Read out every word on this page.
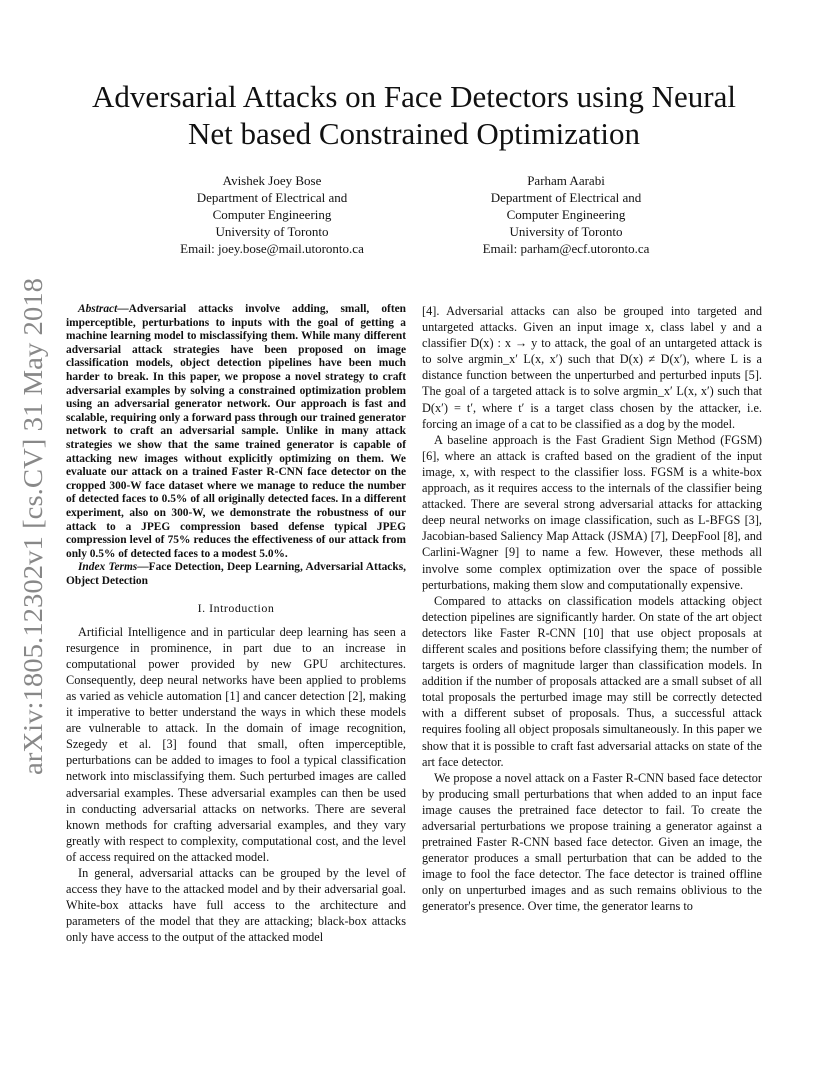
arXiv:1805.12302v1 [cs.CV] 31 May 2018
Adversarial Attacks on Face Detectors using Neural
Net based Constrained Optimization
Avishek Joey Bose
Department of Electrical and
Computer Engineering
University of Toronto
Email: joey.bose@mail.utoronto.ca
Parham Aarabi
Department of Electrical and
Computer Engineering
University of Toronto
Email: parham@ecf.utoronto.ca

Abstract—Adversarial attacks involve adding, small, often imperceptible, perturbations to inputs with the goal of getting a machine learning model to misclassifying them. While many different adversarial attack strategies have been proposed on image classification models, object detection pipelines have been much harder to break. In this paper, we propose a novel strategy to craft adversarial examples by solving a constrained optimization problem using an adversarial generator network. Our approach is fast and scalable, requiring only a forward pass through our trained generator network to craft an adversarial sample. Unlike in many attack strategies we show that the same trained generator is capable of attacking new images without explicitly optimizing on them. We evaluate our attack on a trained Faster R-CNN face detector on the cropped 300-W face dataset where we manage to reduce the number of detected faces to 0.5% of all originally detected faces. In a different experiment, also on 300-W, we demonstrate the robustness of our attack to a JPEG compression based defense typical JPEG compression level of 75% reduces the effectiveness of our attack from only 0.5% of detected faces to a modest 5.0%.

Index Terms—Face Detection, Deep Learning, Adversarial Attacks, Object Detection

I. Introduction

Artificial Intelligence and in particular deep learning has seen a resurgence in prominence, in part due to an increase in computational power provided by new GPU architectures. Consequently, deep neural networks have been applied to problems as varied as vehicle automation [1] and cancer detection [2], making it imperative to better understand the ways in which these models are vulnerable to attack. In the domain of image recognition, Szegedy et al. [3] found that small, often imperceptible, perturbations can be added to images to fool a typical classification network into misclassifying them. Such perturbed images are called adversarial examples. These adversarial examples can then be used in conducting adversarial attacks on networks. There are several known methods for crafting adversarial examples, and they vary greatly with respect to complexity, computational cost, and the level of access required on the attacked model.

In general, adversarial attacks can be grouped by the level of access they have to the attacked model and by their adversarial goal. White-box attacks have full access to the architecture and parameters of the model that they are attacking; black-box attacks only have access to the output of the attacked model

[4]. Adversarial attacks can also be grouped into targeted and untargeted attacks. Given an input image x, class label y and a classifier D(x) : x → y to attack, the goal of an untargeted attack is to solve argmin_x′ L(x, x′) such that D(x) ≠ D(x′), where L is a distance function between the unperturbed and perturbed inputs [5]. The goal of a targeted attack is to solve argmin_x′ L(x, x′) such that D(x′) = t′, where t′ is a target class chosen by the attacker, i.e. forcing an image of a cat to be classified as a dog by the model.

A baseline approach is the Fast Gradient Sign Method (FGSM) [6], where an attack is crafted based on the gradient of the input image, x, with respect to the classifier loss. FGSM is a white-box approach, as it requires access to the internals of the classifier being attacked. There are several strong adversarial attacks for attacking deep neural networks on image classification, such as L-BFGS [3], Jacobian-based Saliency Map Attack (JSMA) [7], DeepFool [8], and Carlini-Wagner [9] to name a few. However, these methods all involve some complex optimization over the space of possible perturbations, making them slow and computationally expensive.

Compared to attacks on classification models attacking object detection pipelines are significantly harder. On state of the art object detectors like Faster R-CNN [10] that use object proposals at different scales and positions before classifying them; the number of targets is orders of magnitude larger than classification models. In addition if the number of proposals attacked are a small subset of all total proposals the perturbed image may still be correctly detected with a different subset of proposals. Thus, a successful attack requires fooling all object proposals simultaneously. In this paper we show that it is possible to craft fast adversarial attacks on state of the art face detector.

We propose a novel attack on a Faster R-CNN based face detector by producing small perturbations that when added to an input face image causes the pretrained face detector to fail. To create the adversarial perturbations we propose training a generator against a pretrained Faster R-CNN based face detector. Given an image, the generator produces a small perturbation that can be added to the image to fool the face detector. The face detector is trained offline only on unperturbed images and as such remains oblivious to the generator's presence. Over time, the generator learns to
